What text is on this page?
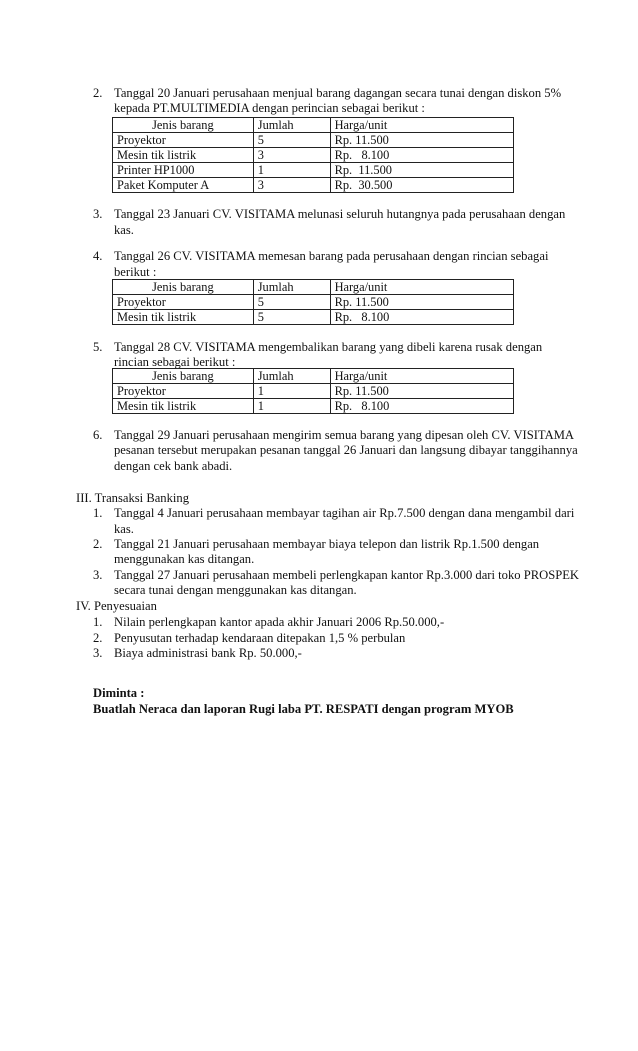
2. Tanggal 20 Januari perusahaan menjual barang dagangan secara tunai dengan diskon 5%
kepada PT.MULTIMEDIA dengan perincian sebagai berikut :
Jenis barang	Jumlah	Harga/unit
Proyektor	5	Rp. 11.500
Mesin tik listrik	3	Rp.   8.100
Printer HP1000	1	Rp.  11.500
Paket Komputer A	3	Rp.  30.500
3. Tanggal 23 Januari CV. VISITAMA melunasi seluruh hutangnya pada perusahaan dengan
kas.
4. Tanggal 26 CV. VISITAMA memesan barang pada perusahaan dengan rincian sebagai
berikut :
Jenis barang	Jumlah	Harga/unit
Proyektor	5	Rp. 11.500
Mesin tik listrik	5	Rp.   8.100
5. Tanggal 28 CV. VISITAMA mengembalikan barang yang dibeli karena rusak dengan
rincian sebagai berikut :
Jenis barang	Jumlah	Harga/unit
Proyektor	1	Rp. 11.500
Mesin tik listrik	1	Rp.   8.100
6. Tanggal 29 Januari perusahaan mengirim semua barang yang dipesan oleh CV. VISITAMA
pesanan tersebut merupakan pesanan tanggal 26 Januari dan langsung dibayar tanggihannya
dengan cek bank abadi.
III. Transaksi Banking
1. Tanggal 4 Januari perusahaan membayar tagihan air Rp.7.500 dengan dana mengambil dari
kas.
2. Tanggal 21 Januari perusahaan membayar biaya telepon dan listrik Rp.1.500 dengan
menggunakan kas ditangan.
3. Tanggal 27 Januari perusahaan membeli perlengkapan kantor Rp.3.000 dari toko PROSPEK
secara tunai dengan menggunakan kas ditangan.
IV. Penyesuaian
1. Nilain perlengkapan kantor apada akhir Januari 2006 Rp.50.000,-
2. Penyusutan terhadap kendaraan ditepakan 1,5 % perbulan
3. Biaya administrasi bank Rp. 50.000,-
Diminta :
Buatlah Neraca dan laporan Rugi laba PT. RESPATI dengan program MYOB
